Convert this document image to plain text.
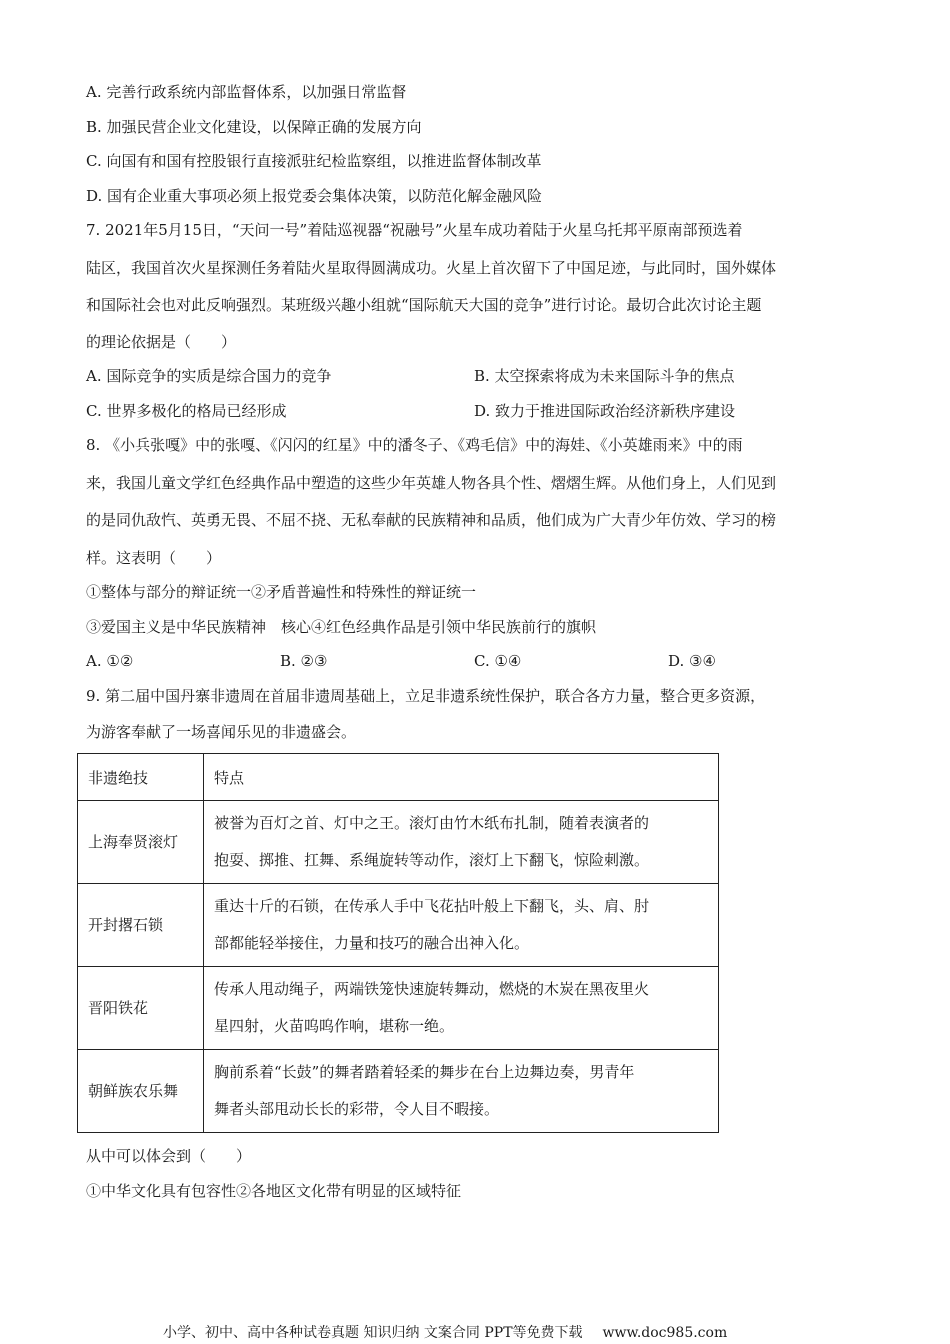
A. 完善行政系统内部监督体系，以加强日常监督
B. 加强民营企业文化建设，以保障正确的发展方向
C. 向国有和国有控股银行直接派驻纪检监察组，以推进监督体制改革
D. 国有企业重大事项必须上报党委会集体决策，以防范化解金融风险
7. 2021年5月15日，“天问一号”着陆巡视器“祝融号”火星车成功着陆于火星乌托邦平原南部预选着
陆区，我国首次火星探测任务着陆火星取得圆满成功。火星上首次留下了中国足迹，与此同时，国外媒体
和国际社会也对此反响强烈。某班级兴趣小组就“国际航天大国的竞争”进行讨论。最切合此次讨论主题
的理论依据是（　　）
A. 国际竞争的实质是综合国力的竞争	B. 太空探索将成为未来国际斗争的焦点
C. 世界多极化的格局已经形成	D. 致力于推进国际政治经济新秩序建设
8. 《小兵张嘎》中的张嘎、《闪闪的红星》中的潘冬子、《鸡毛信》中的海娃、《小英雄雨来》中的雨
来，我国儿童文学红色经典作品中塑造的这些少年英雄人物各具个性、熠熠生辉。从他们身上，人们见到
的是同仇敌忾、英勇无畏、不屈不挠、无私奉献的民族精神和品质，他们成为广大青少年仿效、学习的榜
样。这表明（　　）
①整体与部分的辩证统一②矛盾普遍性和特殊性的辩证统一
③爱国主义是中华民族精神　核心④红色经典作品是引领中华民族前行的旗帜
A. ①②	B. ②③	C. ①④	D. ③④
9. 第二届中国丹寨非遗周在首届非遗周基础上，立足非遗系统性保护，联合各方力量，整合更多资源，
为游客奉献了一场喜闻乐见的非遗盛会。
非遗绝技	特点
上海奉贤滚灯	被誉为百灯之首、灯中之王。滚灯由竹木纸布扎制，随着表演者的
抱耍、掷推、扛舞、系绳旋转等动作，滚灯上下翻飞，惊险刺激。

开封撂石锁	重达十斤的石锁，在传承人手中飞花拈叶般上下翻飞，头、肩、肘
部都能轻举接住，力量和技巧的融合出神入化。

晋阳铁花	传承人甩动绳子，两端铁笼快速旋转舞动，燃烧的木炭在黑夜里火
星四射，火苗呜呜作响，堪称一绝。

朝鲜族农乐舞	胸前系着“长鼓”的舞者踏着轻柔的舞步在台上边舞边奏，男青年
舞者头部甩动长长的彩带，令人目不暇接。
从中可以体会到（　　）
①中华文化具有包容性②各地区文化带有明显的区域特征
小学、初中、高中各种试卷真题 知识归纳 文案合同 PPT等免费下载 www.doc985.com
